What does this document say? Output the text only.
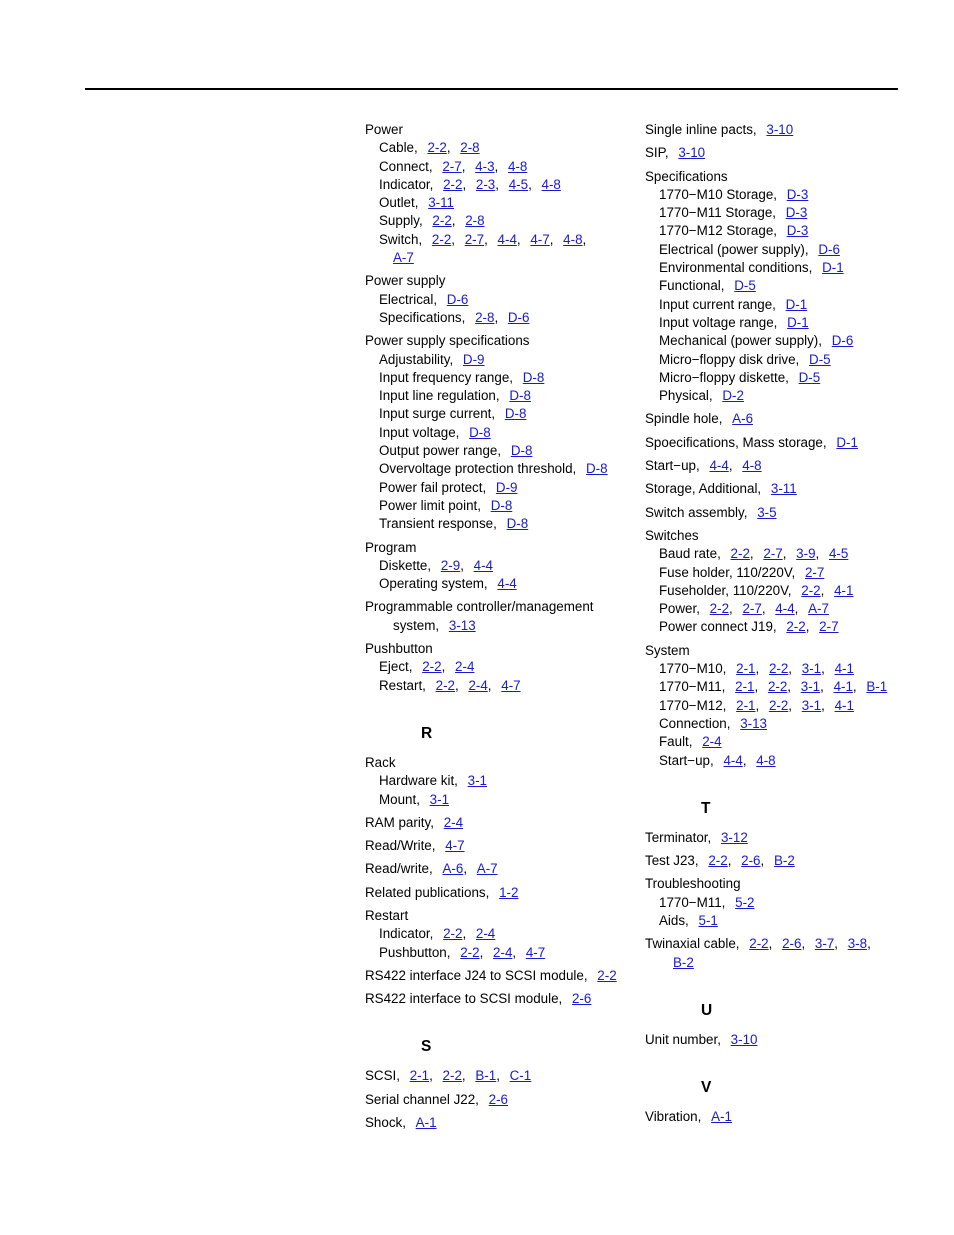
Power
Cable, 2-2, 2-8
Connect, 2-7, 4-3, 4-8
Indicator, 2-2, 2-3, 4-5, 4-8
Outlet, 3-11
Supply, 2-2, 2-8
Switch, 2-2, 2-7, 4-4, 4-7, 4-8,
A-7
Power supply
Electrical, D-6
Specifications, 2-8, D-6
Power supply specifications
Adjustability, D-9
Input frequency range, D-8
Input line regulation, D-8
Input surge current, D-8
Input voltage, D-8
Output power range, D-8
Overvoltage protection threshold, D-8
Power fail protect, D-9
Power limit point, D-8
Transient response, D-8
Program
Diskette, 2-9, 4-4
Operating system, 4-4
Programmable controller/management
system, 3-13
Pushbutton
Eject, 2-2, 2-4
Restart, 2-2, 2-4, 4-7
R
Rack
Hardware kit, 3-1
Mount, 3-1
RAM parity, 2-4
Read/Write, 4-7
Read/write, A-6, A-7
Related publications, 1-2
Restart
Indicator, 2-2, 2-4
Pushbutton, 2-2, 2-4, 4-7
RS422 interface J24 to SCSI module, 2-2
RS422 interface to SCSI module, 2-6
S
SCSI, 2-1, 2-2, B-1, C-1
Serial channel J22, 2-6
Shock, A-1
Single inline pacts, 3-10
SIP, 3-10
Specifications
1770−M10 Storage, D-3
1770−M11 Storage, D-3
1770−M12 Storage, D-3
Electrical (power supply), D-6
Environmental conditions, D-1
Functional, D-5
Input current range, D-1
Input voltage range, D-1
Mechanical (power supply), D-6
Micro−floppy disk drive, D-5
Micro−floppy diskette, D-5
Physical, D-2
Spindle hole, A-6
Spoecifications, Mass storage, D-1
Start−up, 4-4, 4-8
Storage, Additional, 3-11
Switch assembly, 3-5
Switches
Baud rate, 2-2, 2-7, 3-9, 4-5
Fuse holder, 110/220V, 2-7
Fuseholder, 110/220V, 2-2, 4-1
Power, 2-2, 2-7, 4-4, A-7
Power connect J19, 2-2, 2-7
System
1770−M10, 2-1, 2-2, 3-1, 4-1
1770−M11, 2-1, 2-2, 3-1, 4-1, B-1
1770−M12, 2-1, 2-2, 3-1, 4-1
Connection, 3-13
Fault, 2-4
Start−up, 4-4, 4-8
T
Terminator, 3-12
Test J23, 2-2, 2-6, B-2
Troubleshooting
1770−M11, 5-2
Aids, 5-1
Twinaxial cable, 2-2, 2-6, 3-7, 3-8,
B-2
U
Unit number, 3-10
V
Vibration, A-1
